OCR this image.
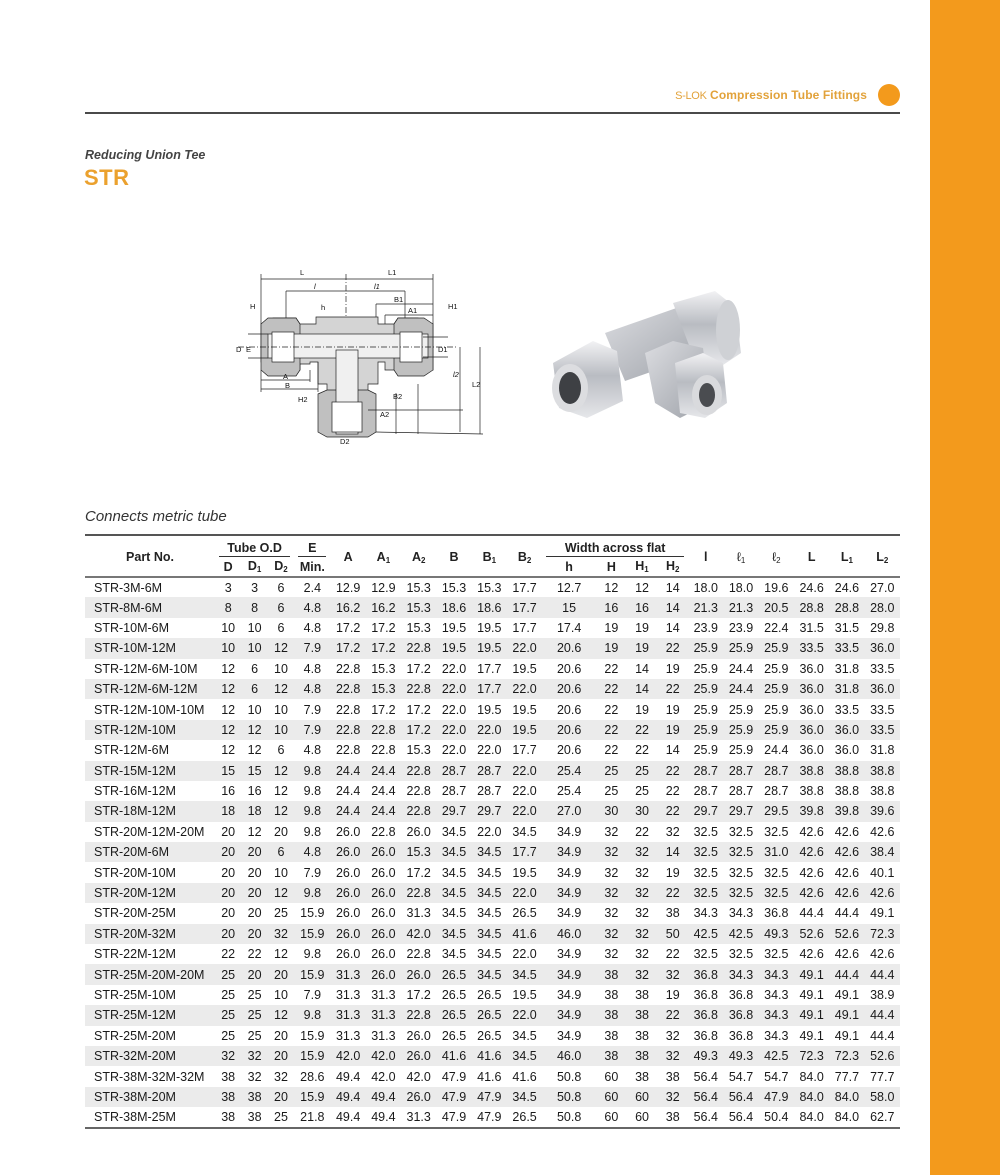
S-LOK Compression Tube Fittings
Reducing Union Tee
STR
L	L1
l	l1
B1
A1
H	h	H1
D E	D1
A
B
l2
L2
B2
A2
H2
D2
Connects metric tube
Part No.	Tube O.D			E	A	$A_1$	$A_2$	B	$B_1$	$B_2$	Width across flat				l	ℓ$_1$	ℓ$_2$	L	$L_1$	$L_2$
	D	$D_1$	$D_2$	Min.							h	H	$H_1$	$H_2$
STR-3M-6M	3	3	6	2.4	12.9	12.9	15.3	15.3	15.3	17.7	12.7	12	12	14	18.0	18.0	19.6	24.6	24.6	27.0
STR-8M-6M	8	8	6	4.8	16.2	16.2	15.3	18.6	18.6	17.7	15	16	16	14	21.3	21.3	20.5	28.8	28.8	28.0
STR-10M-6M	10	10	6	4.8	17.2	17.2	15.3	19.5	19.5	17.7	17.4	19	19	14	23.9	23.9	22.4	31.5	31.5	29.8
STR-10M-12M	10	10	12	7.9	17.2	17.2	22.8	19.5	19.5	22.0	20.6	19	19	22	25.9	25.9	25.9	33.5	33.5	36.0
STR-12M-6M-10M	12	6	10	4.8	22.8	15.3	17.2	22.0	17.7	19.5	20.6	22	14	19	25.9	24.4	25.9	36.0	31.8	33.5
STR-12M-6M-12M	12	6	12	4.8	22.8	15.3	22.8	22.0	17.7	22.0	20.6	22	14	22	25.9	24.4	25.9	36.0	31.8	36.0
STR-12M-10M-10M	12	10	10	7.9	22.8	17.2	17.2	22.0	19.5	19.5	20.6	22	19	19	25.9	25.9	25.9	36.0	33.5	33.5
STR-12M-10M	12	12	10	7.9	22.8	22.8	17.2	22.0	22.0	19.5	20.6	22	22	19	25.9	25.9	25.9	36.0	36.0	33.5
STR-12M-6M	12	12	6	4.8	22.8	22.8	15.3	22.0	22.0	17.7	20.6	22	22	14	25.9	25.9	24.4	36.0	36.0	31.8
STR-15M-12M	15	15	12	9.8	24.4	24.4	22.8	28.7	28.7	22.0	25.4	25	25	22	28.7	28.7	28.7	38.8	38.8	38.8
STR-16M-12M	16	16	12	9.8	24.4	24.4	22.8	28.7	28.7	22.0	25.4	25	25	22	28.7	28.7	28.7	38.8	38.8	38.8
STR-18M-12M	18	18	12	9.8	24.4	24.4	22.8	29.7	29.7	22.0	27.0	30	30	22	29.7	29.7	29.5	39.8	39.8	39.6
STR-20M-12M-20M	20	12	20	9.8	26.0	22.8	26.0	34.5	22.0	34.5	34.9	32	22	32	32.5	32.5	32.5	42.6	42.6	42.6
STR-20M-6M	20	20	6	4.8	26.0	26.0	15.3	34.5	34.5	17.7	34.9	32	32	14	32.5	32.5	31.0	42.6	42.6	38.4
STR-20M-10M	20	20	10	7.9	26.0	26.0	17.2	34.5	34.5	19.5	34.9	32	32	19	32.5	32.5	32.5	42.6	42.6	40.1
STR-20M-12M	20	20	12	9.8	26.0	26.0	22.8	34.5	34.5	22.0	34.9	32	32	22	32.5	32.5	32.5	42.6	42.6	42.6
STR-20M-25M	20	20	25	15.9	26.0	26.0	31.3	34.5	34.5	26.5	34.9	32	32	38	34.3	34.3	36.8	44.4	44.4	49.1
STR-20M-32M	20	20	32	15.9	26.0	26.0	42.0	34.5	34.5	41.6	46.0	32	32	50	42.5	42.5	49.3	52.6	52.6	72.3
STR-22M-12M	22	22	12	9.8	26.0	26.0	22.8	34.5	34.5	22.0	34.9	32	32	22	32.5	32.5	32.5	42.6	42.6	42.6
STR-25M-20M-20M	25	20	20	15.9	31.3	26.0	26.0	26.5	34.5	34.5	34.9	38	32	32	36.8	34.3	34.3	49.1	44.4	44.4
STR-25M-10M	25	25	10	7.9	31.3	31.3	17.2	26.5	26.5	19.5	34.9	38	38	19	36.8	36.8	34.3	49.1	49.1	38.9
STR-25M-12M	25	25	12	9.8	31.3	31.3	22.8	26.5	26.5	22.0	34.9	38	38	22	36.8	36.8	34.3	49.1	49.1	44.4
STR-25M-20M	25	25	20	15.9	31.3	31.3	26.0	26.5	26.5	34.5	34.9	38	38	32	36.8	36.8	34.3	49.1	49.1	44.4
STR-32M-20M	32	32	20	15.9	42.0	42.0	26.0	41.6	41.6	34.5	46.0	38	38	32	49.3	49.3	42.5	72.3	72.3	52.6
STR-38M-32M-32M	38	32	32	28.6	49.4	42.0	42.0	47.9	41.6	41.6	50.8	60	38	38	56.4	54.7	54.7	84.0	77.7	77.7
STR-38M-20M	38	38	20	15.9	49.4	49.4	26.0	47.9	47.9	34.5	50.8	60	60	32	56.4	56.4	47.9	84.0	84.0	58.0
STR-38M-25M	38	38	25	21.8	49.4	49.4	31.3	47.9	47.9	26.5	50.8	60	60	38	56.4	56.4	50.4	84.0	84.0	62.7
